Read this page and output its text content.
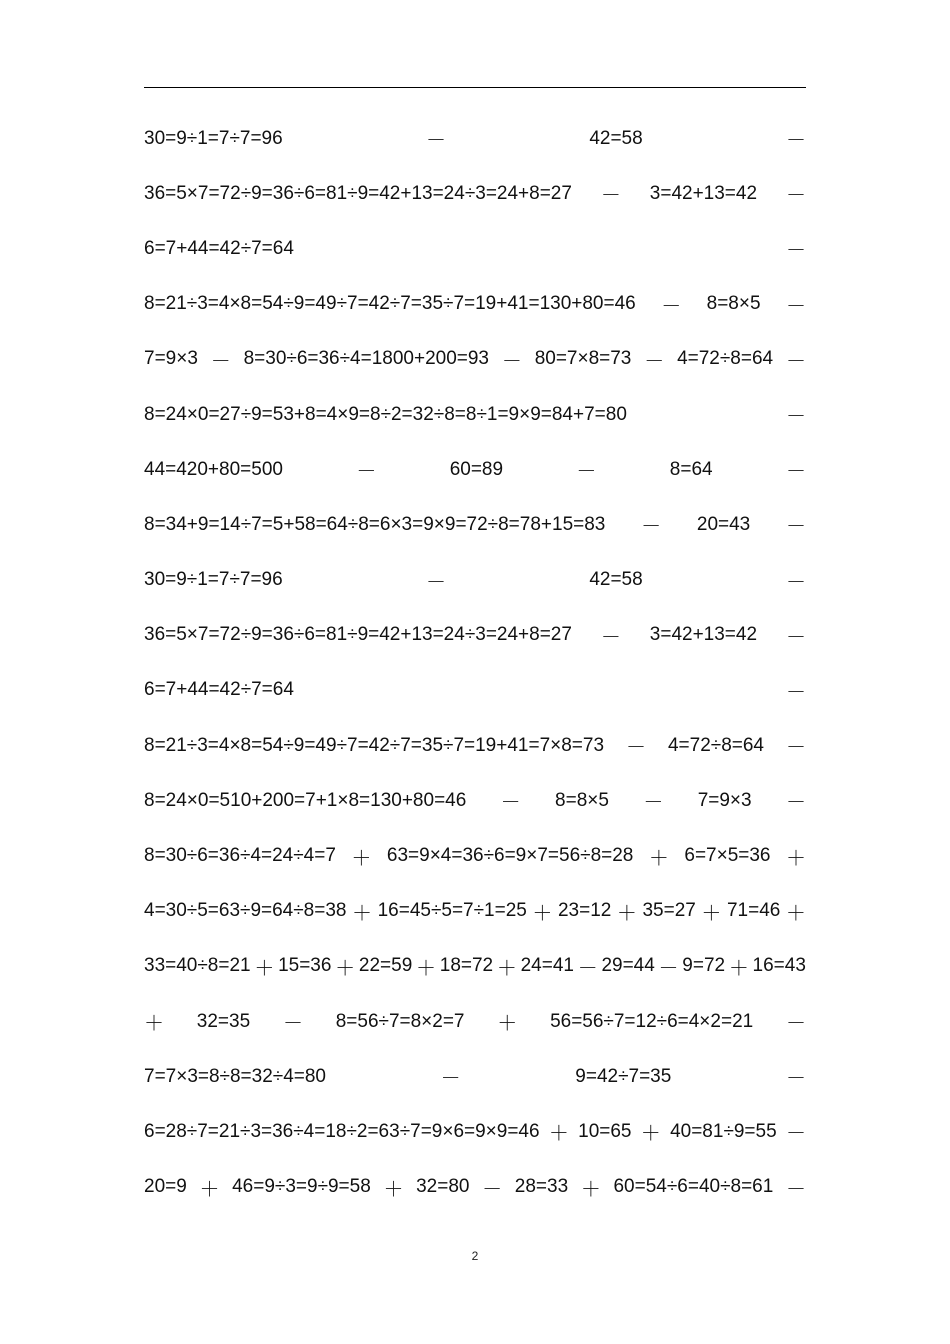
30=9÷1=7÷7=96	－	42=58	－
36=5×7=72÷9=36÷6=81÷9=42+13=24÷3=24+8=27 － 3=42+13=42 －
6=7+44=42÷7=64	－
8=21÷3=4×8=54÷9=49÷7=42÷7=35÷7=19+41=130+80=46 － 8=8×5 －
7=9×3 － 8=30÷6=36÷4=1800+200=93 － 80=7×8=73 － 4=72÷8=64 －
8=24×0=27÷9=53+8=4×9=8÷2=32÷8=8÷1=9×9=84+7=80	－
44=420+80=500	－	60=89	－	8=64	－
8=34+9=14÷7=5+58=64÷8=6×3=9×9=72÷8=78+15=83 － 20=43 －
30=9÷1=7÷7=96	－	42=58	－
36=5×7=72÷9=36÷6=81÷9=42+13=24÷3=24+8=27 － 3=42+13=42 －
6=7+44=42÷7=64	－
8=21÷3=4×8=54÷9=49÷7=42÷7=35÷7=19+41=7×8=73 － 4=72÷8=64 －
8=24×0=510+200=7+1×8=130+80=46 － 8=8×5 － 7=9×3 －
8=30÷6=36÷4=24÷4=7 ＋ 63=9×4=36÷6=9×7=56÷8=28 ＋ 6=7×5=36 ＋
4=30÷5=63÷9=64÷8=38 ＋ 16=45÷5=7÷1=25 ＋ 23=12 ＋ 35=27 ＋ 71=46 ＋
33=40÷8=21 ＋ 15=36 ＋ 22=59 ＋ 18=72 ＋ 24=41 － 29=44 － 9=72 ＋ 16=43
＋ 32=35 － 8=56÷7=8×2=7 ＋ 56=56÷7=12÷6=4×2=21 －
7=7×3=8÷8=32÷4=80	－	9=42÷7=35	－
6=28÷7=21÷3=36÷4=18÷2=63÷7=9×6=9×9=46 ＋ 10=65 ＋ 40=81÷9=55 －
20=9 ＋ 46=9÷3=9÷9=58 ＋ 32=80 － 28=33 ＋ 60=54÷6=40÷8=61 －
2
